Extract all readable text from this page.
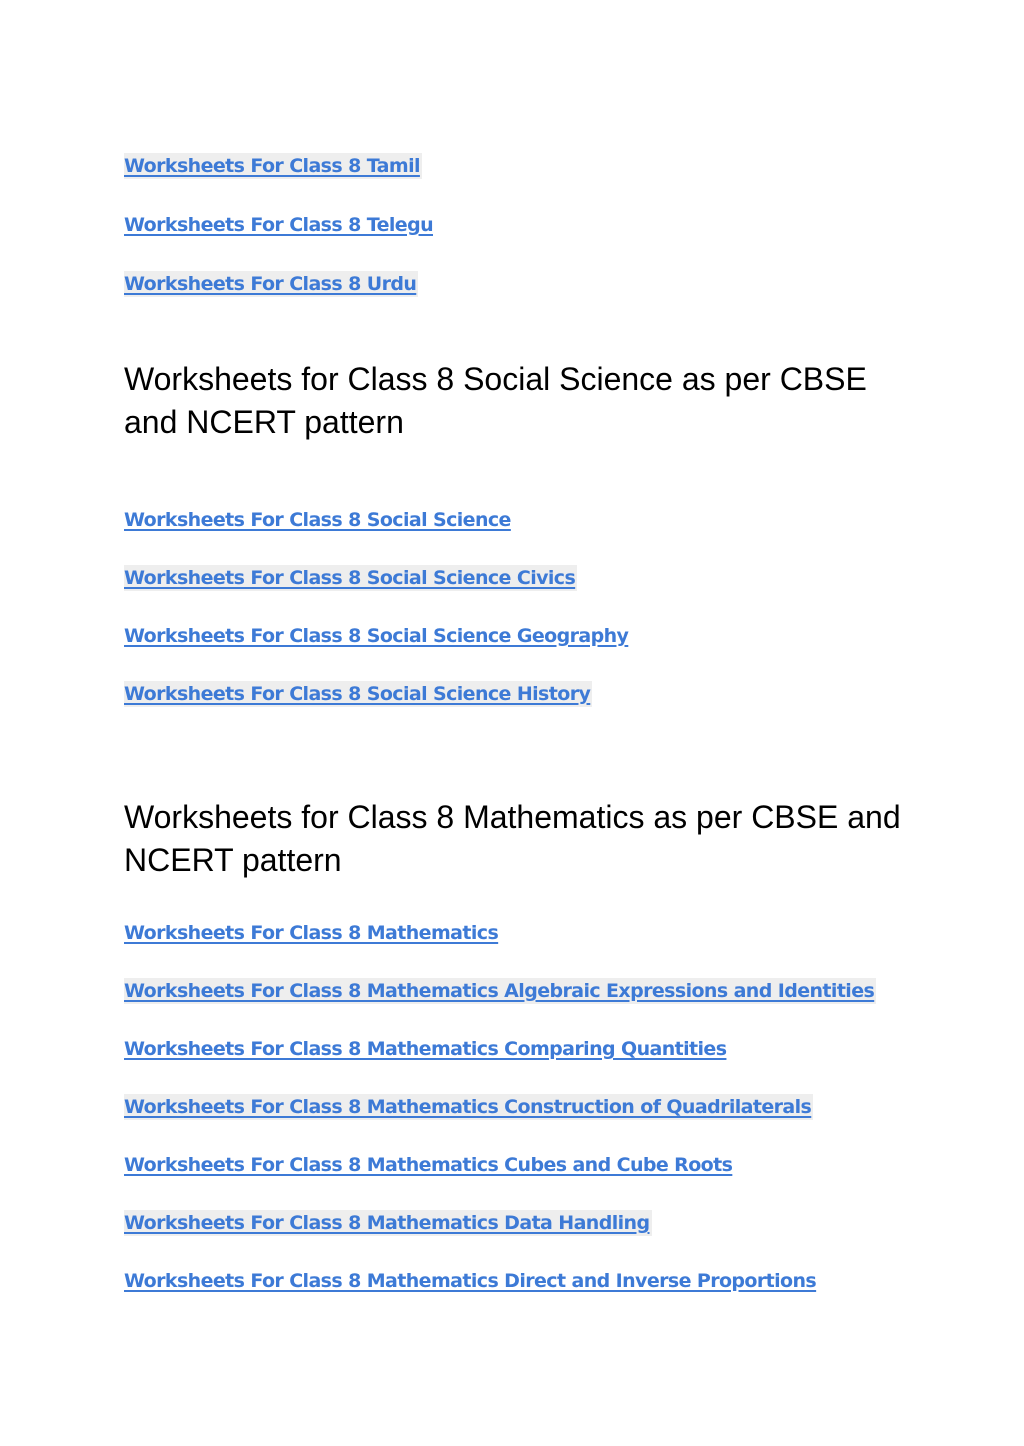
Worksheets For Class 8 Tamil
Worksheets For Class 8 Telegu
Worksheets For Class 8 Urdu
Worksheets for Class 8 Social Science as per CBSE and NCERT pattern
Worksheets For Class 8 Social Science
Worksheets For Class 8 Social Science Civics
Worksheets For Class 8 Social Science Geography
Worksheets For Class 8 Social Science History
Worksheets for Class 8 Mathematics as per CBSE and NCERT pattern
Worksheets For Class 8 Mathematics
Worksheets For Class 8 Mathematics Algebraic Expressions and Identities
Worksheets For Class 8 Mathematics Comparing Quantities
Worksheets For Class 8 Mathematics Construction of Quadrilaterals
Worksheets For Class 8 Mathematics Cubes and Cube Roots
Worksheets For Class 8 Mathematics Data Handling
Worksheets For Class 8 Mathematics Direct and Inverse Proportions
